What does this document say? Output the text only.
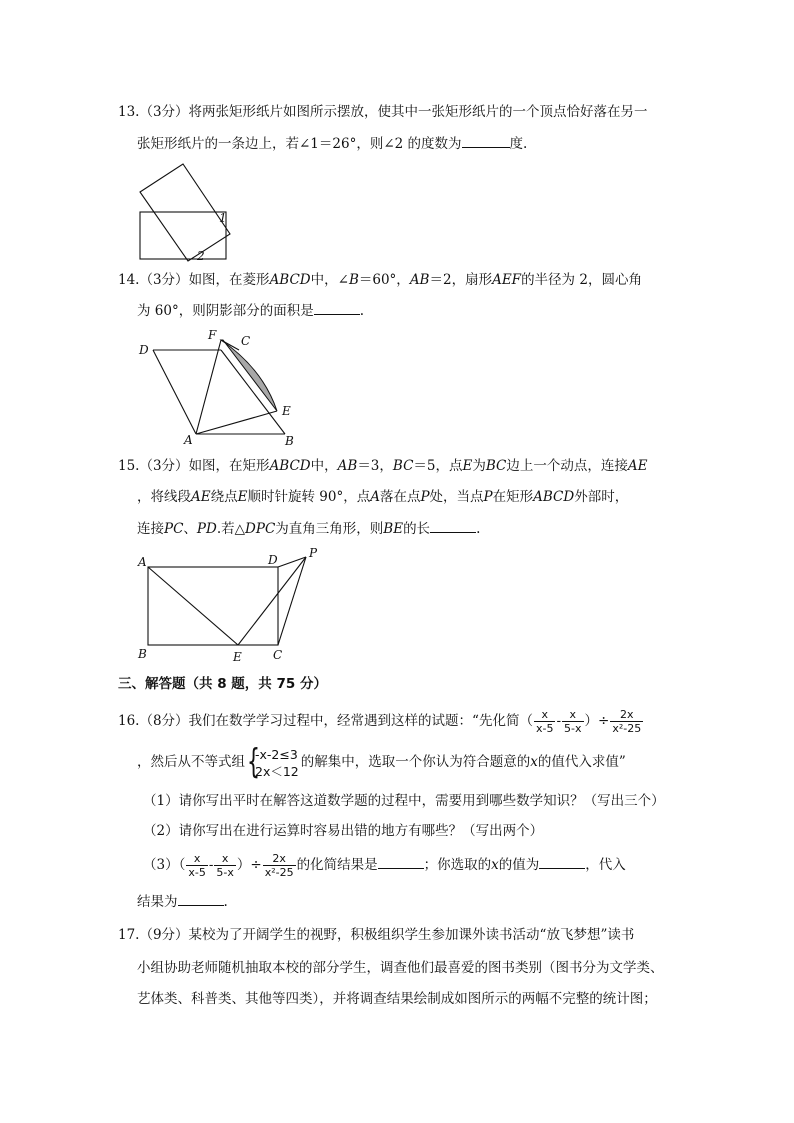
13.（3分）将两张矩形纸片如图所示摆放，使其中一张矩形纸片的一个顶点恰好落在另一
张矩形纸片的一条边上，若∠1＝26°，则∠2 的度数为	度.
1
2
14.（3分）如图，在菱形ABCD中，∠B＝60°，AB＝2，扇形AEF的半径为 2，圆心角
为 60°，则阴影部分的面积是	.
D
F C
E
A	B
15.（3分）如图，在矩形ABCD中，AB＝3，BC＝5，点E为BC边上一个动点，连接AE
，将线段AE绕点E顺时针旋转 90°，点A落在点P处，当点P在矩形ABCD外部时，
连接PC、PD.若△DPC为直角三角形，则BE的长	.
A	D	P
B	E	C
三、解答题（共 8 题，共 75 分）
16.（8分）我们在数学学习过程中，经常遇到这样的试题：“先化简（ $\frac{x}{x-5} - \frac{x}{5-x}$ ）÷ $\frac{2x}{\text{x²-25}}$
，然后从不等式组 {
-x-2≤3
2x＜12
的解集中，选取一个你认为符合题意的x的值代入求值”
（1）请你写出平时在解答这道数学题的过程中，需要用到哪些数学知识？（写出三个）
（2）请你写出在进行运算时容易出错的地方有哪些？（写出两个）
$(3)( \frac{x}{x-5} - \frac{x}{5-x}$ ）÷ $\frac{2x}{\text{x²-25}}$ 的化简结果是	；你选取的x的值为	，代入
结果为	.
17.（9分）某校为了开阔学生的视野，积极组织学生参加课外读书活动“放飞梦想”读书
小组协助老师随机抽取本校的部分学生，调查他们最喜爱的图书类别（图书分为文学类、
艺体类、科普类、其他等四类），并将调查结果绘制成如图所示的两幅不完整的统计图；
